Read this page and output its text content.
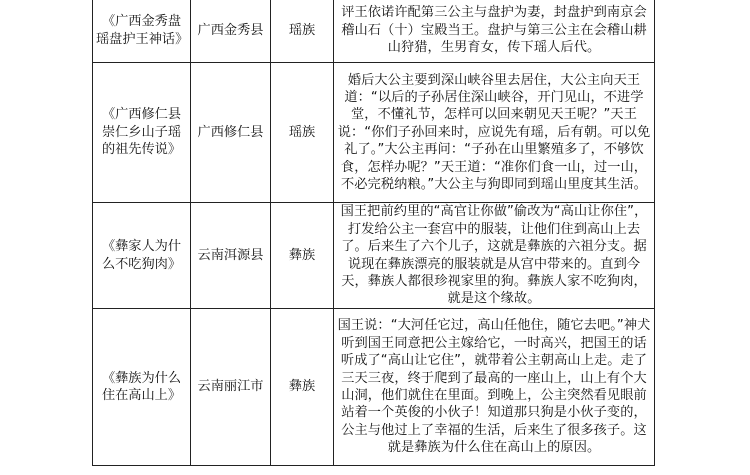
《广西金秀盘瑶盘护王神话》	广西金秀县	瑶族	评王依诺许配第三公主与盘护为妻，封盘护到南京会稽山石（十）宝殿当王。盘护与第三公主在会稽山耕山狩猎，生男育女，传下瑶人后代。
《广西修仁县崇仁乡山子瑶的祖先传说》	广西修仁县	瑶族	婚后大公主要到深山峡谷里去居住，大公主向天王道：“以后的子孙居住深山峡谷，开门见山，不进学堂，不懂礼节，怎样可以回来朝见天王呢？”天王说：“你们子孙回来时，应说先有瑶，后有朝。可以免礼了。”大公主再问：“子孙在山里繁殖多了，不够饮食，怎样办呢？”天王道：“准你们食一山，过一山，不必完税纳粮。”大公主与狗即同到瑶山里度其生活。
《彝家人为什么不吃狗肉》	云南洱源县	彝族	国王把前约里的“高官让你做”偷改为“高山让你住”，打发给公主一套宫中的服装，让他们住到高山上去了。后来生了六个儿子，这就是彝族的六祖分支。据说现在彝族漂亮的服装就是从宫中带来的。直到今天，彝族人都很珍视家里的狗。彝族人家不吃狗肉，就是这个缘故。
《彝族为什么住在高山上》	云南丽江市	彝族	国王说：“大河任它过，高山任他住，随它去吧。”神犬听到国王同意把公主嫁给它，一时高兴，把国王的话听成了“高山让它住”，就带着公主朝高山上走。走了三天三夜，终于爬到了最高的一座山上，山上有个大山洞，他们就住在里面。到晚上，公主突然看见眼前站着一个英俊的小伙子！知道那只狗是小伙子变的，公主与他过上了幸福的生活，后来生了很多孩子。这就是彝族为什么住在高山上的原因。
